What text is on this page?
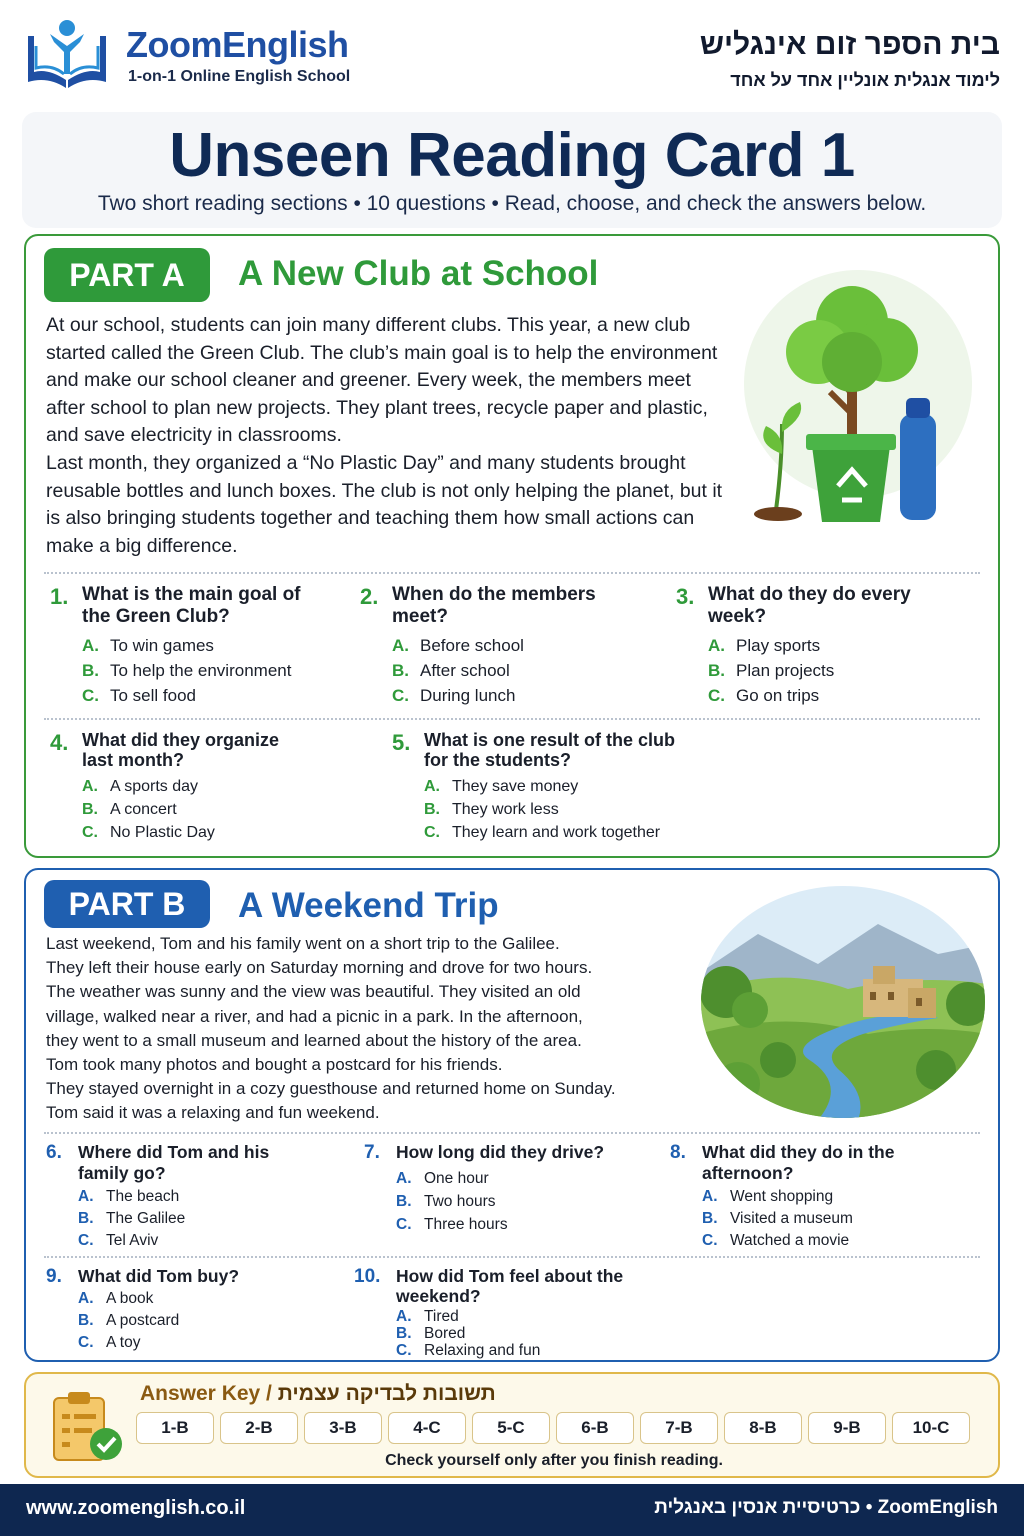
ZoomEnglish
1-on-1 Online English School
בית הספר זום אינגליש
לימוד אנגלית אונליין אחד על אחד
Unseen Reading Card 1
Two short reading sections • 10 questions • Read, choose, and check the answers below.
PART A	A New Club at School

At our school, students can join many different clubs. This year, a new club started called the Green Club. The club’s main goal is to help the environment and make our school cleaner and greener. Every week, the members meet after school to plan new projects. They plant trees, recycle paper and plastic, and save electricity in classrooms.

Last month, they organized a “No Plastic Day” and many students brought reusable bottles and lunch boxes. The club is not only helping the planet, but it is also bringing students together and teaching them how small actions can make a big difference.

1. What is the main goal of the Green Club?
A. To win games
B. To help the environment
C. To sell food
2. When do the members meet?
A. Before school
B. After school
C. During lunch
3. What do they do every week?
A. Play sports
B. Plan projects
C. Go on trips
4. What did they organize last month?
A. A sports day
B. A concert
C. No Plastic Day
5. What is one result of the club for the students?
A. They save money
B. They work less
C. They learn and work together
PART B	A Weekend Trip

Last weekend, Tom and his family went on a short trip to the Galilee.

They left their house early on Saturday morning and drove for two hours.

The weather was sunny and the view was beautiful. They visited an old

village, walked near a river, and had a picnic in a park. In the afternoon,

they went to a small museum and learned about the history of the area.

Tom took many photos and bought a postcard for his friends.

They stayed overnight in a cozy guesthouse and returned home on Sunday.

Tom said it was a relaxing and fun weekend.

6. Where did Tom and his family go?
A. The beach
B. The Galilee
C. Tel Aviv
7. How long did they drive?
A. One hour
B. Two hours
C. Three hours
8. What did they do in the afternoon?
A. Went shopping
B. Visited a museum
C. Watched a movie
9. What did Tom buy?
A. A book
B. A postcard
C. A toy
10. How did Tom feel about the weekend?
A. Tired
B. Bored
C. Relaxing and fun
Answer Key / תשובות לבדיקה עצמית
1-B	2-B	3-B	4-C	5-C	6-B	7-B	8-B	9-B	10-C
Check yourself only after you finish reading.
www.zoomenglish.co.il	כרטיסיית אנסין באנגלית • ZoomEnglish
